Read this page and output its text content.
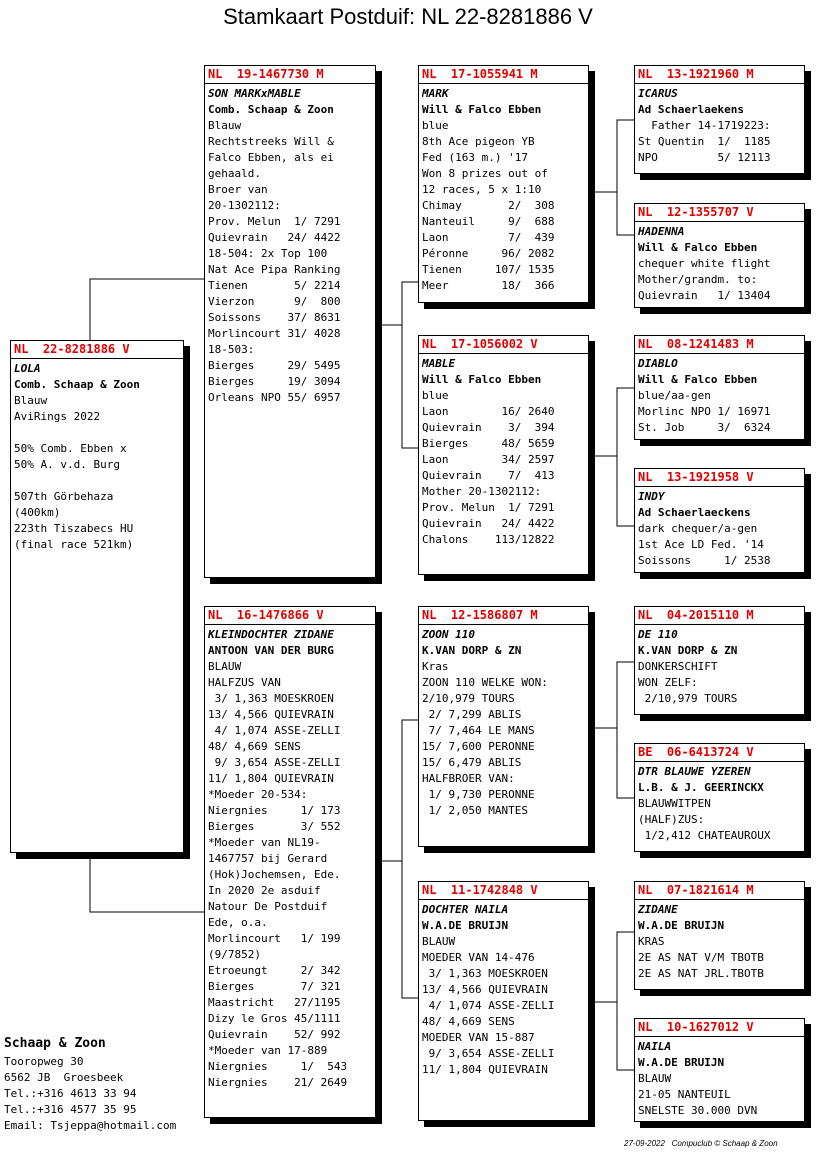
Stamkaart Postduif: NL 22-8281886 V
NL  22-8281886 V
LOLA
Comb. Schaap & Zoon
Blauw
AviRings 2022
50% Comb. Ebben x
50% A. v.d. Burg
507th Görbehaza
(400km)
223th Tiszabecs HU
(final race 521km)
NL  19-1467730 M
SON MARKxMABLE
Comb. Schaap & Zoon
Blauw
Rechtstreeks Will &
Falco Ebben, als ei
gehaald.
Broer van
20-1302112:
Prov. Melun  1/ 7291
Quievrain   24/ 4422
18-504: 2x Top 100
Nat Ace Pipa Ranking
Tienen       5/ 2214
Vierzon      9/  800
Soissons    37/ 8631
Morlincourt 31/ 4028
18-503:
Bierges     29/ 5495
Bierges     19/ 3094
Orleans NPO 55/ 6957
NL  16-1476866 V
KLEINDOCHTER ZIDANE
ANTOON VAN DER BURG
BLAUW
HALFZUS VAN
3/ 1,363 MOESKROEN
13/ 4,566 QUIEVRAIN
4/ 1,074 ASSE-ZELLI
48/ 4,669 SENS
9/ 3,654 ASSE-ZELLI
11/ 1,804 QUIEVRAIN
*Moeder 20-534:
Niergnies     1/ 173
Bierges       3/ 552
*Moeder van NL19-
1467757 bij Gerard
(Hok)Jochemsen, Ede.
In 2020 2e asduif
Natour De Postduif
Ede, o.a.
Morlincourt   1/ 199
(9/7852)
Etroeungt     2/ 342
Bierges       7/ 321
Maastricht   27/1195
Dizy le Gros 45/1111
Quievrain    52/ 992
*Moeder van 17-889
Niergnies     1/  543
Niergnies    21/ 2649
NL  17-1055941 M
MARK
Will & Falco Ebben
blue
8th Ace pigeon YB
Fed (163 m.) '17
Won 8 prizes out of
12 races, 5 x 1:10
Chimay       2/  308
Nanteuil     9/  688
Laon         7/  439
Péronne     96/ 2082
Tienen     107/ 1535
Meer        18/  366
NL  17-1056002 V
MABLE
Will & Falco Ebben
blue
Laon        16/ 2640
Quievrain    3/  394
Bierges     48/ 5659
Laon        34/ 2597
Quievrain    7/  413
Mother 20-1302112:
Prov. Melun  1/ 7291
Quievrain   24/ 4422
Chalons    113/12822
NL  12-1586807 M
ZOON 110
K.VAN DORP & ZN
Kras
ZOON 110 WELKE WON:
2/10,979 TOURS
2/ 7,299 ABLIS
7/ 7,464 LE MANS
15/ 7,600 PERONNE
15/ 6,479 ABLIS
HALFBROER VAN:
1/ 9,730 PERONNE
1/ 2,050 MANTES
NL  11-1742848 V
DOCHTER NAILA
W.A.DE BRUIJN
BLAUW
MOEDER VAN 14-476
3/ 1,363 MOESKROEN
13/ 4,566 QUIEVRAIN
4/ 1,074 ASSE-ZELLI
48/ 4,669 SENS
MOEDER VAN 15-887
9/ 3,654 ASSE-ZELLI
11/ 1,804 QUIEVRAIN
NL  13-1921960 M
ICARUS
Ad Schaerlaekens
Father 14-1719223:
St Quentin  1/  1185
NPO         5/ 12113
NL  12-1355707 V
HADENNA
Will & Falco Ebben
chequer white flight
Mother/grandm. to:
Quievrain   1/ 13404
NL  08-1241483 M
DIABLO
Will & Falco Ebben
blue/aa-gen
Morlinc NPO 1/ 16971
St. Job     3/  6324
NL  13-1921958 V
INDY
Ad Schaerlaeckens
dark chequer/a-gen
1st Ace LD Fed. '14
Soissons     1/ 2538
NL  04-2015110 M
DE 110
K.VAN DORP & ZN
DONKERSCHIFT
WON ZELF:
2/10,979 TOURS
BE  06-6413724 V
DTR BLAUWE YZEREN
L.B. & J. GEERINCKX
BLAUWWITPEN
(HALF)ZUS:
1/2,412 CHATEAUROUX
NL  07-1821614 M
ZIDANE
W.A.DE BRUIJN
KRAS
2E AS NAT V/M TBOTB
2E AS NAT JRL.TBOTB
NL  10-1627012 V
NAILA
W.A.DE BRUIJN
BLAUW
21-05 NANTEUIL
SNELSTE 30.000 DVN
Schaap & Zoon
Tooropweg 30
6562 JB  Groesbeek
Tel.:+316 4613 33 94
Tel.:+316 4577 35 95
Email: Tsjeppa@hotmail.com
27-09-2022   Compuclub © Schaap & Zoon
